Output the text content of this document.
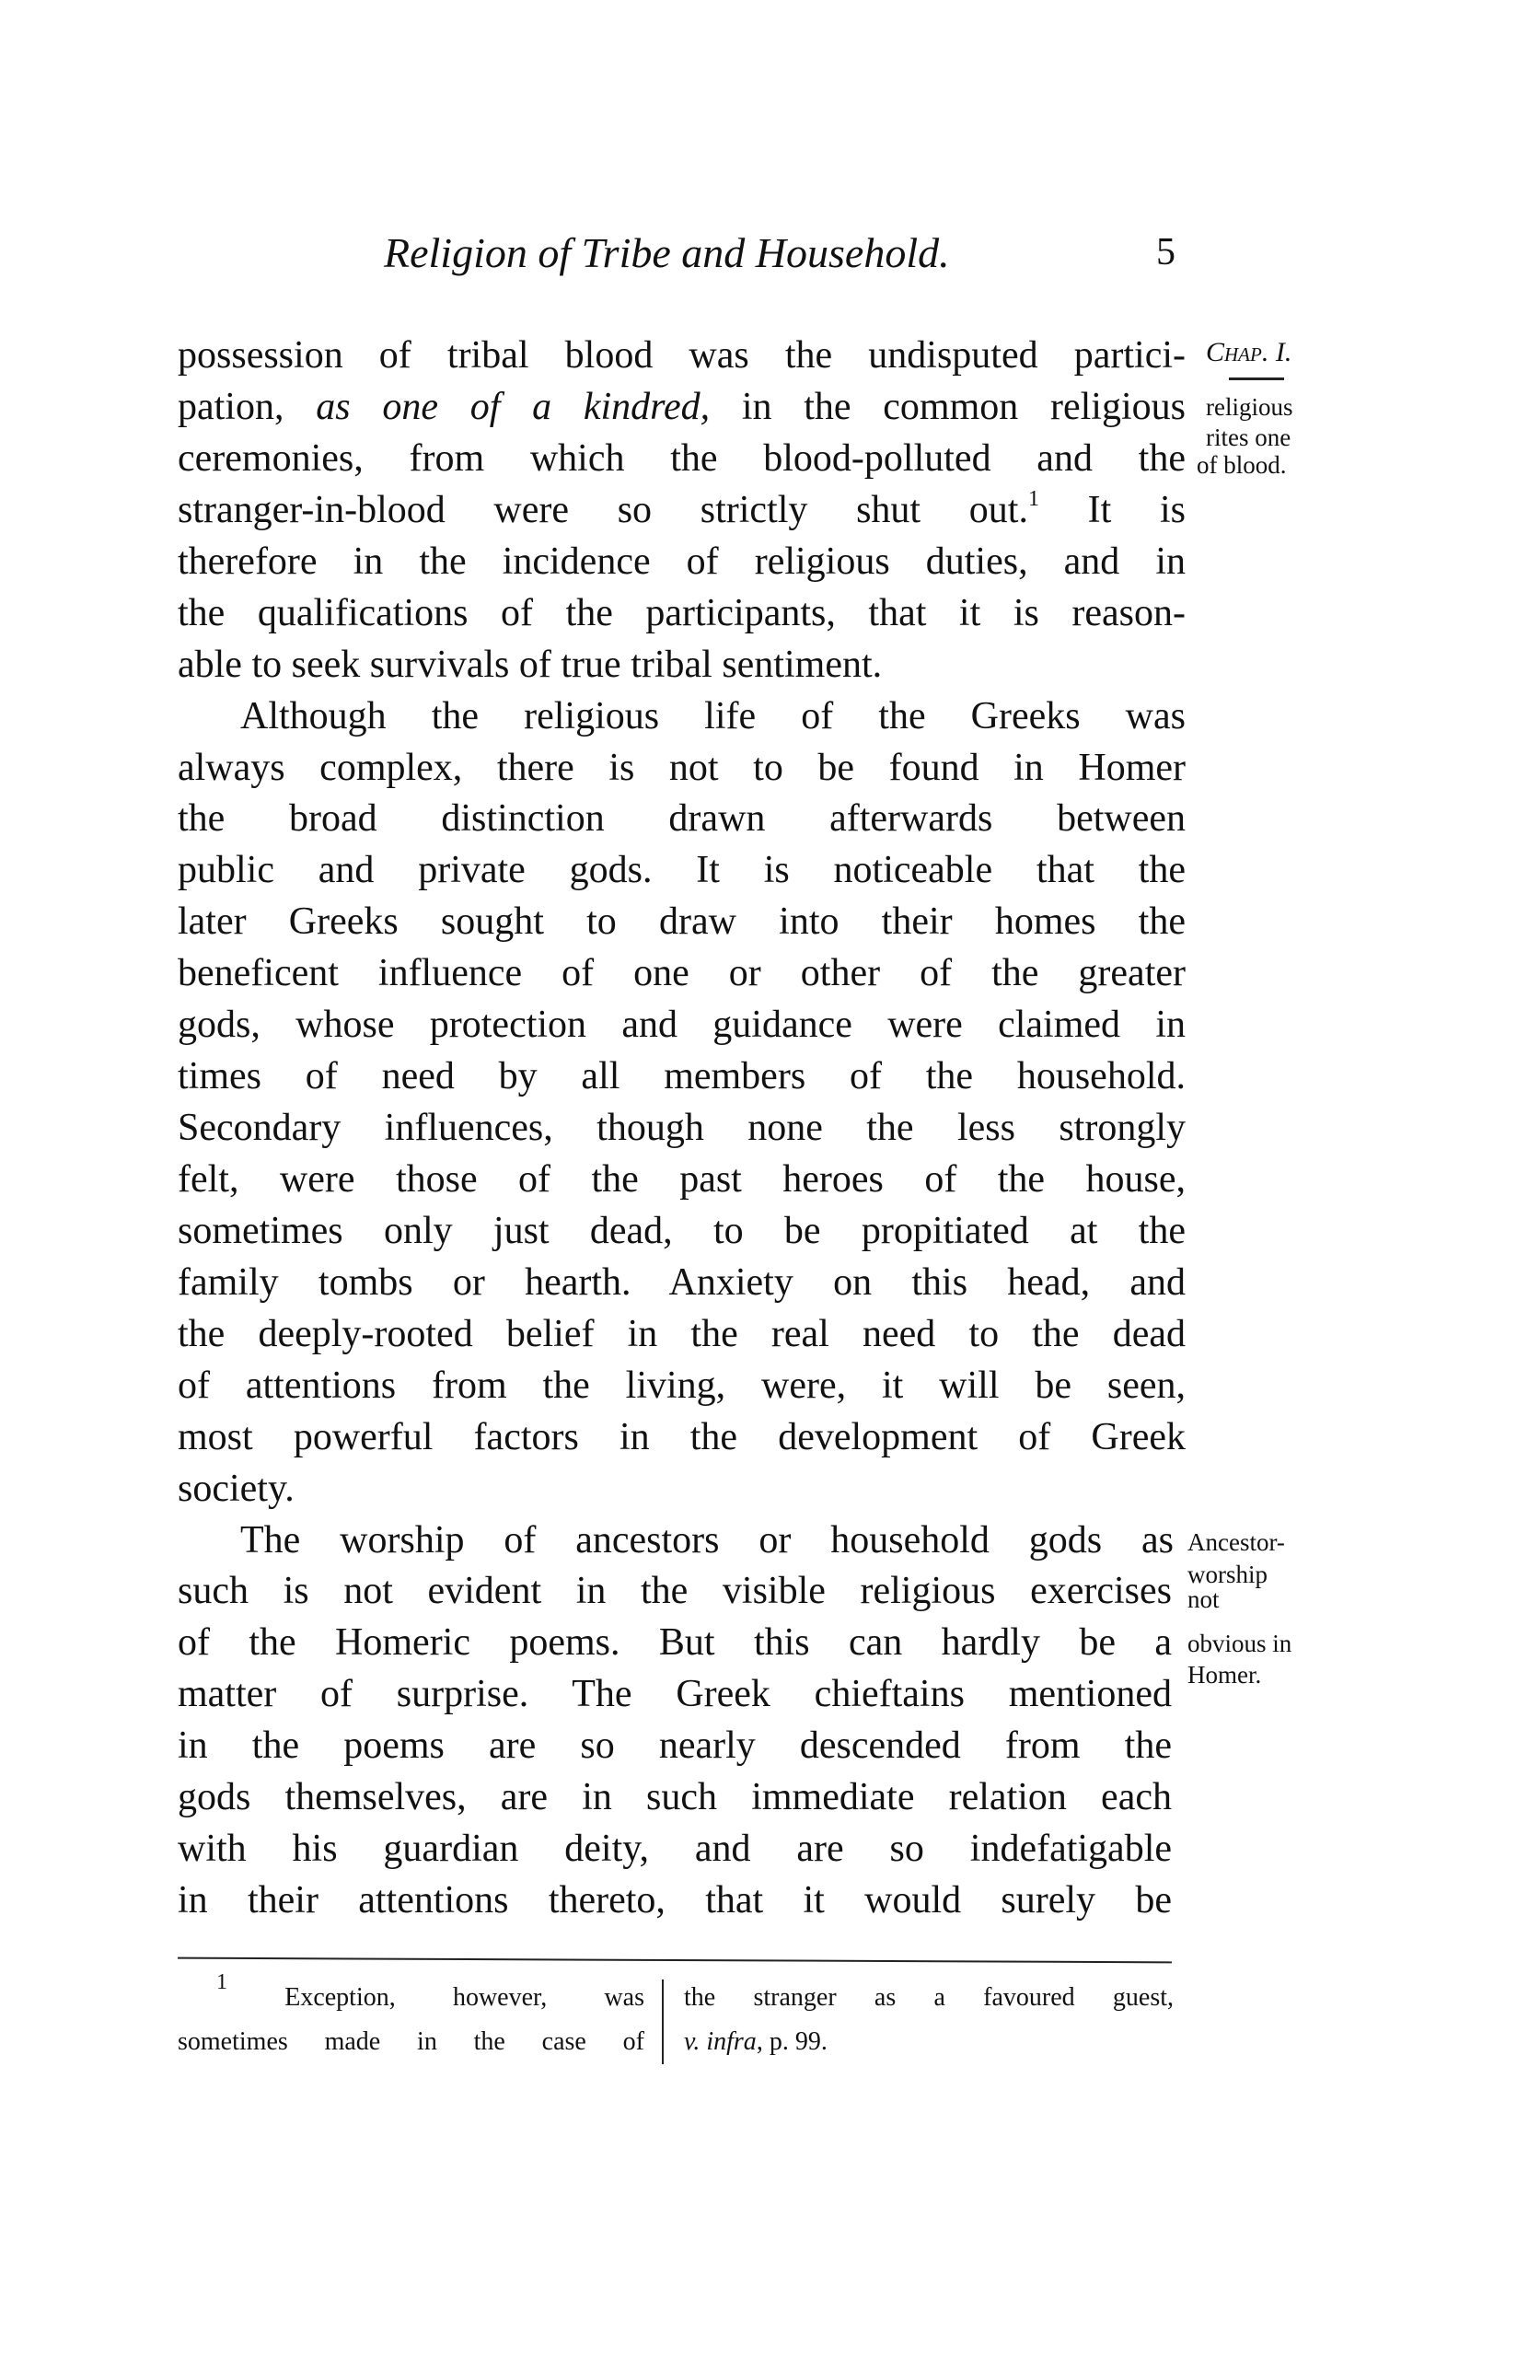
Religion of Tribe and Household.	5
possession of tribal blood was the undisputed partici-
pation, as one of a kindred, in the common religious
ceremonies, from which the blood-polluted and the
stranger-in-blood were so strictly shut out.$^1$ It is
therefore in the incidence of religious duties, and in
the qualifications of the participants, that it is reason-
able to seek survivals of true tribal sentiment.
Although the religious life of the Greeks was
always complex, there is not to be found in Homer
the broad distinction drawn afterwards between
public and private gods. It is noticeable that the
later Greeks sought to draw into their homes the
beneficent influence of one or other of the greater
gods, whose protection and guidance were claimed in
times of need by all members of the household.
Secondary influences, though none the less strongly
felt, were those of the past heroes of the house,
sometimes only just dead, to be propitiated at the
family tombs or hearth. Anxiety on this head, and
the deeply-rooted belief in the real need to the dead
of attentions from the living, were, it will be seen,
most powerful factors in the development of Greek
society.
The worship of ancestors or household gods as
such is not evident in the visible religious exercises
of the Homeric poems. But this can hardly be a
matter of surprise. The Greek chieftains mentioned
in the poems are so nearly descended from the
gods themselves, are in such immediate relation each
with his guardian deity, and are so indefatigable
in their attentions thereto, that it would surely be
Chap. I.
religious
rites one
of blood.
Ancestor-
worship
not
obvious in
Homer.
$^1$ Exception, however, was
sometimes made in the case of
the stranger as a favoured guest,
v. infra, p. 99.
